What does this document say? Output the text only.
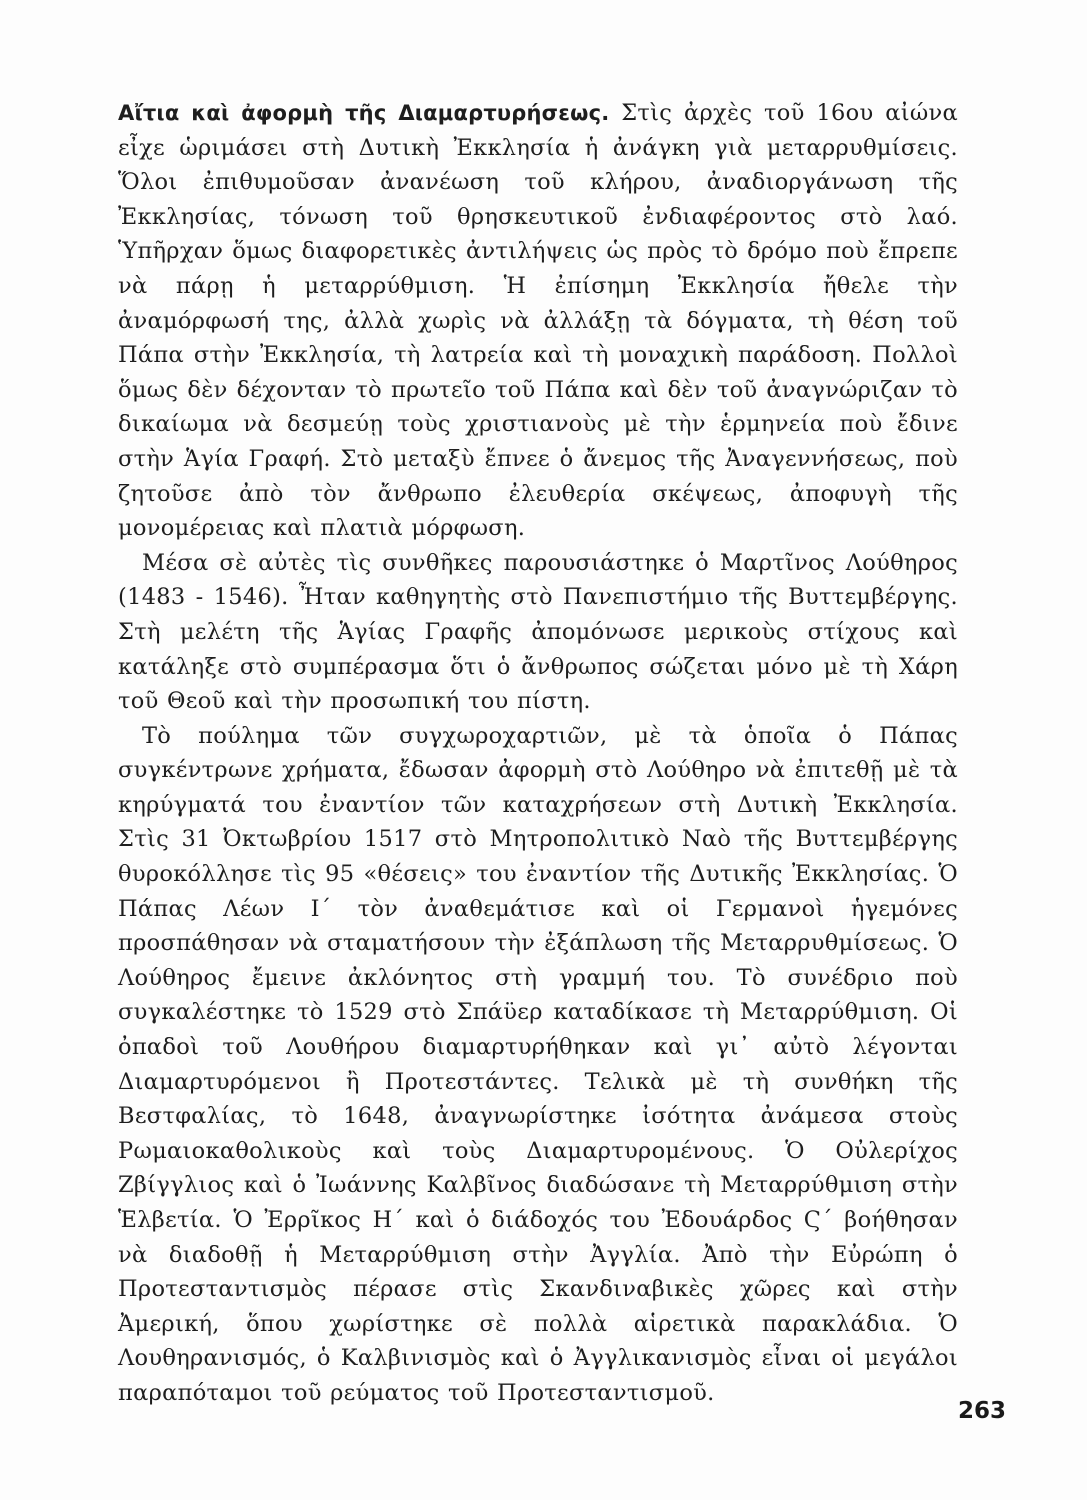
Αἴτια καὶ ἀφορμὴ τῆς Διαμαρτυρήσεως. Στὶς ἀρχὲς τοῦ 16ου αἰώνα εἶχε ὡριμάσει στὴ Δυτικὴ Ἐκκλησία ἡ ἀνάγκη γιὰ μεταρρυθμίσεις. Ὅλοι ἐπιθυμοῦσαν ἀνανέωση τοῦ κλήρου, ἀναδιοργάνωση τῆς Ἐκκλησίας, τόνωση τοῦ θρησκευτικοῦ ἐνδιαφέροντος στὸ λαό. Ὑπῆρχαν ὅμως διαφορετικὲς ἀντιλήψεις ὡς πρὸς τὸ δρόμο ποὺ ἔπρεπε νὰ πάρῃ ἡ μεταρρύθμιση. Ἡ ἐπίσημη Ἐκκλησία ἤθελε τὴν ἀναμόρφωσή της, ἀλλὰ χωρὶς νὰ ἀλλάξῃ τὰ δόγματα, τὴ θέση τοῦ Πάπα στὴν Ἐκκλησία, τὴ λατρεία καὶ τὴ μοναχικὴ παράδοση. Πολλοὶ ὅμως δὲν δέχονταν τὸ πρωτεῖο τοῦ Πάπα καὶ δὲν τοῦ ἀναγνώριζαν τὸ δικαίωμα νὰ δεσμεύῃ τοὺς χριστιανοὺς μὲ τὴν ἑρμηνεία ποὺ ἔδινε στὴν Ἁγία Γραφή. Στὸ μεταξὺ ἔπνεε ὁ ἄνεμος τῆς Ἀναγεννήσεως, ποὺ ζητοῦσε ἀπὸ τὸν ἄνθρωπο ἐλευθερία σκέψεως, ἀποφυγὴ τῆς μονομέρειας καὶ πλατιὰ μόρφωση.

Μέσα σὲ αὐτὲς τὶς συνθῆκες παρουσιάστηκε ὁ Μαρτῖνος Λούθηρος (1483 - 1546). Ἦταν καθηγητὴς στὸ Πανεπιστήμιο τῆς Βυττεμβέργης. Στὴ μελέτη τῆς Ἁγίας Γραφῆς ἀπομόνωσε μερικοὺς στίχους καὶ κατάληξε στὸ συμπέρασμα ὅτι ὁ ἄνθρωπος σώζεται μόνο μὲ τὴ Χάρη τοῦ Θεοῦ καὶ τὴν προσωπική του πίστη.

Τὸ πούλημα τῶν συγχωροχαρτιῶν, μὲ τὰ ὁποῖα ὁ Πάπας συγκέντρωνε χρήματα, ἔδωσαν ἀφορμὴ στὸ Λούθηρο νὰ ἐπιτεθῇ μὲ τὰ κηρύγματά του ἐναντίον τῶν καταχρήσεων στὴ Δυτικὴ Ἐκκλησία. Στὶς 31 Ὀκτωβρίου 1517 στὸ Μητροπολιτικὸ Ναὸ τῆς Βυττεμβέργης θυροκόλλησε τὶς 95 «θέσεις» του ἐναντίον τῆς Δυτικῆς Ἐκκλησίας. Ὁ Πάπας Λέων Ι΄ τὸν ἀναθεμάτισε καὶ οἱ Γερμανοὶ ἡγεμόνες προσπάθησαν νὰ σταματήσουν τὴν ἐξάπλωση τῆς Μεταρρυθμίσεως. Ὁ Λούθηρος ἔμεινε ἀκλόνητος στὴ γραμμή του. Τὸ συνέδριο ποὺ συγκαλέστηκε τὸ 1529 στὸ Σπάϋερ καταδίκασε τὴ Μεταρρύθμιση. Οἱ ὀπαδοὶ τοῦ Λουθήρου διαμαρτυρήθηκαν καὶ γι᾿ αὐτὸ λέγονται Διαμαρτυρόμενοι ἢ Προτεστάντες. Τελικὰ μὲ τὴ συνθήκη τῆς Βεστφαλίας, τὸ 1648, ἀναγνωρίστηκε ἰσότητα ἀνάμεσα στοὺς Ρωμαιοκαθολικοὺς καὶ τοὺς Διαμαρτυρομένους. Ὁ Οὐλερίχος Ζβίγγλιος καὶ ὁ Ἰωάννης Καλβῖνος διαδώσανε τὴ Μεταρρύθμιση στὴν Ἑλβετία. Ὁ Ἐρρῖκος Η΄ καὶ ὁ διάδοχός του Ἐδουάρδος Ϛ΄ βοήθησαν νὰ διαδοθῇ ἡ Μεταρρύθμιση στὴν Ἀγγλία. Ἀπὸ τὴν Εὐρώπη ὁ Προτεσταντισμὸς πέρασε στὶς Σκανδιναβικὲς χῶρες καὶ στὴν Ἀμερική, ὅπου χωρίστηκε σὲ πολλὰ αἱρετικὰ παρακλάδια. Ὁ Λουθηρανισμός, ὁ Καλβινισμὸς καὶ ὁ Ἀγγλικανισμὸς εἶναι οἱ μεγάλοι παραπόταμοι τοῦ ρεύματος τοῦ Προτεσταντισμοῦ.

263
